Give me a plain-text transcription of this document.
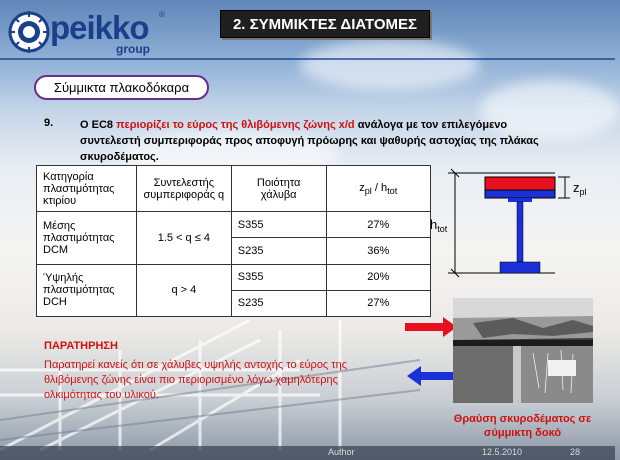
peikko ®
group
2. ΣΥΜΜΙΚΤΕΣ ΔΙΑΤΟΜΕΣ
Σύμμικτα πλακοδόκαρα
9. Ο EC8 περιορίζει το εύρος της θλιβόμενης ζώνης x/d ανάλογα με τον επιλεγόμενο συντελεστή συμπεριφοράς προς αποφυγή πρόωρης και ψαθυρής αστοχίας της πλάκας σκυροδέματος.
Κατηγορία πλαστιμότητας κτιρίου	Συντελεστής συμπεριφοράς q	Ποιότητα χάλυβα	$z_{pl} / h_{tot}$
Μέσης πλαστιμότητας DCM	1.5 < q ≤ 4	S355	27%
		S235	36%
Ύψηλής πλαστιμότητας DCH	q > 4	S355	20%
		S235	27%
$z_{pl}$
$h_{tot}$
Θραύση σκυροδέματος σε σύμμικτη δοκό
ΠΑΡΑΤΗΡΗΣΗ
Παρατηρεί κανείς ότι σε χάλυβες υψηλής αντοχής το εύρος της θλιβόμενης ζώνης είναι πιο περιορισμένο λόγω χαμηλότερης ολκιμότητας του υλικού.
Author	12.5.2010	28
